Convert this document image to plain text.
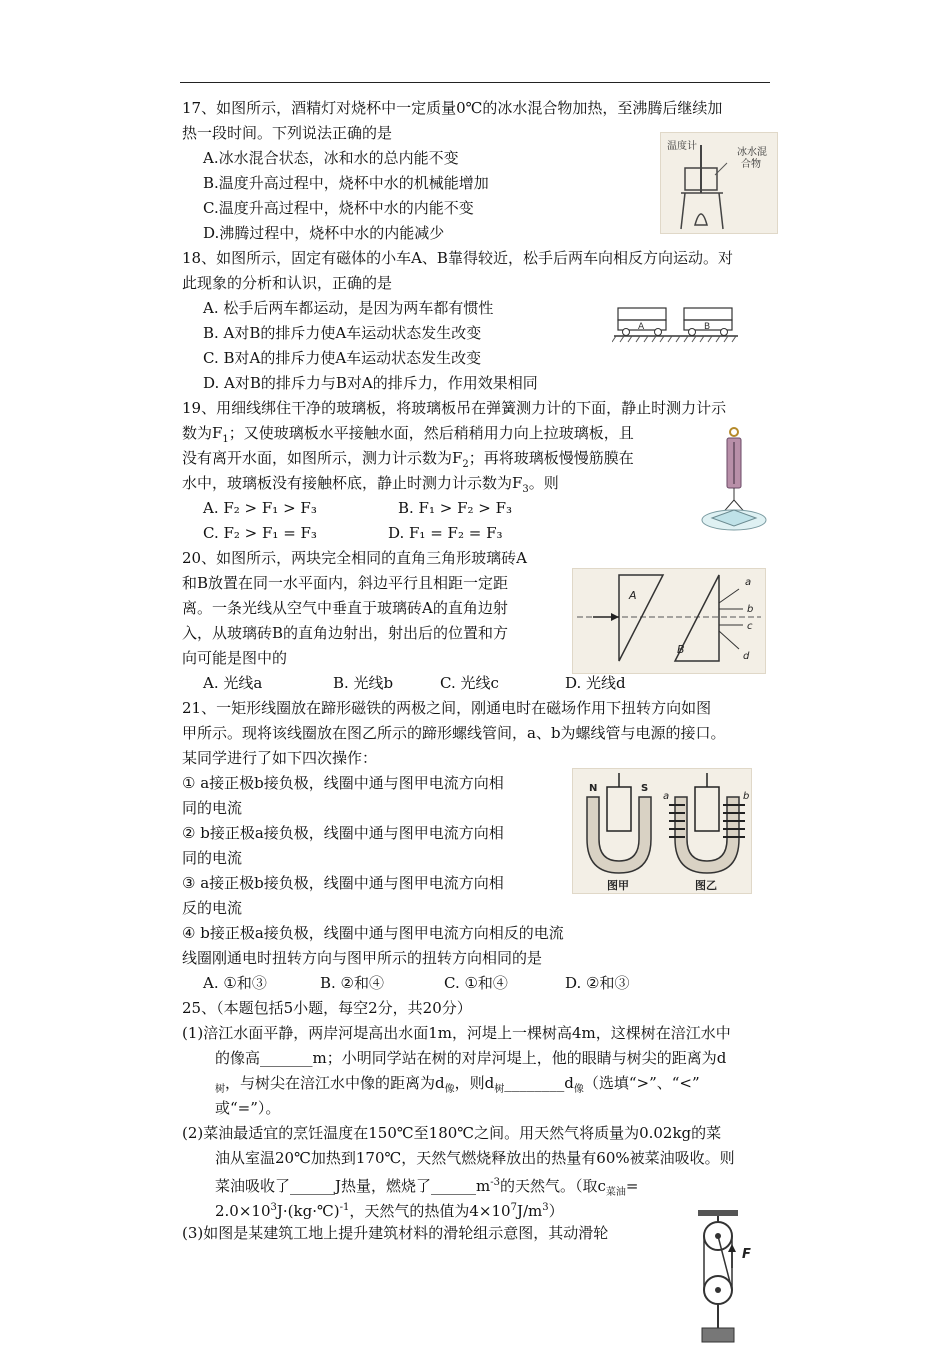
17、如图所示，酒精灯对烧杯中一定质量0℃的冰水混合物加热，至沸腾后继续加
热一段时间。下列说法正确的是
A.冰水混合状态，冰和水的总内能不变
B.温度升高过程中，烧杯中水的机械能增加
C.温度升高过程中，烧杯中水的内能不变
D.沸腾过程中，烧杯中水的内能减少
温度计
冰水混
合物
18、如图所示，固定有磁体的小车A、B靠得较近，松手后两车向相反方向运动。对
此现象的分析和认识，正确的是
A. 松手后两车都运动，是因为两车都有惯性
B. A对B的排斥力使A车运动状态发生改变
C. B对A的排斥力使A车运动状态发生改变
D. A对B的排斥力与B对A的排斥力，作用效果相同
A	B
19、用细线绑住干净的玻璃板，将玻璃板吊在弹簧测力计的下面，静止时测力计示
数为$F_1$；又使玻璃板水平接触水面，然后稍稍用力向上拉玻璃板，且
没有离开水面，如图所示，测力计示数为$F_2$；再将玻璃板慢慢筋膜在
水中，玻璃板没有接触杯底，静止时测力计示数为$F_3$。则
A. F₂ > F₁ > F₃	B. F₁ > F₂ > F₃
C. F₂ > F₁ = F₃	D. F₁ = F₂ = F₃
20、如图所示，两块完全相同的直角三角形玻璃砖A
和B放置在同一水平面内，斜边平行且相距一定距
离。一条光线从空气中垂直于玻璃砖A的直角边射
入，从玻璃砖B的直角边射出，射出后的位置和方
向可能是图中的
A. 光线a	B. 光线b	C. 光线c	D. 光线d
A
B
a
b
c
d
21、一矩形线圈放在蹄形磁铁的两极之间，刚通电时在磁场作用下扭转方向如图
甲所示。现将该线圈放在图乙所示的蹄形螺线管间，a、b为螺线管与电源的接口。
某同学进行了如下四次操作：
① a接正极b接负极，线圈中通与图甲电流方向相
同的电流
② b接正极a接负极，线圈中通与图甲电流方向相
同的电流
③ a接正极b接负极，线圈中通与图甲电流方向相
反的电流
④ b接正极a接负极，线圈中通与图甲电流方向相反的电流
线圈刚通电时扭转方向与图甲所示的扭转方向相同的是
A. ①和③	B. ②和④	C. ①和④	D. ②和③
N	S
a	b
图甲	图乙
25、（本题包括5小题，每空2分，共20分）
(1)涪江水面平静，两岸河堤高出水面1m，河堤上一棵树高4m，这棵树在涪江水中
的像高_______m；小明同学站在树的对岸河堤上，他的眼睛与树尖的距离为d
$_树$，与树尖在涪江水中像的距离为$d_像$，则$d_树\_\_\_\_\_\_\_\_d_像$（选填“>”、“<”
或“=”）。
(2)菜油最适宜的烹饪温度在150℃至180℃之间。用天然气将质量为0.02kg的菜
油从室温20℃加热到170℃，天然气燃烧释放出的热量有60%被菜油吸收。则
菜油吸收了______J热量，燃烧了$\_\_\_\_\_\_m^{-3}$的天然气。（取$c_{菜油}=$
$2.0\times 10^3J\cdot(kg\cdot℃)^{-1}$，天然气的热值为$4\times 10^7J/m^3$）
(3)如图是某建筑工地上提升建筑材料的滑轮组示意图，其动滑轮
F
